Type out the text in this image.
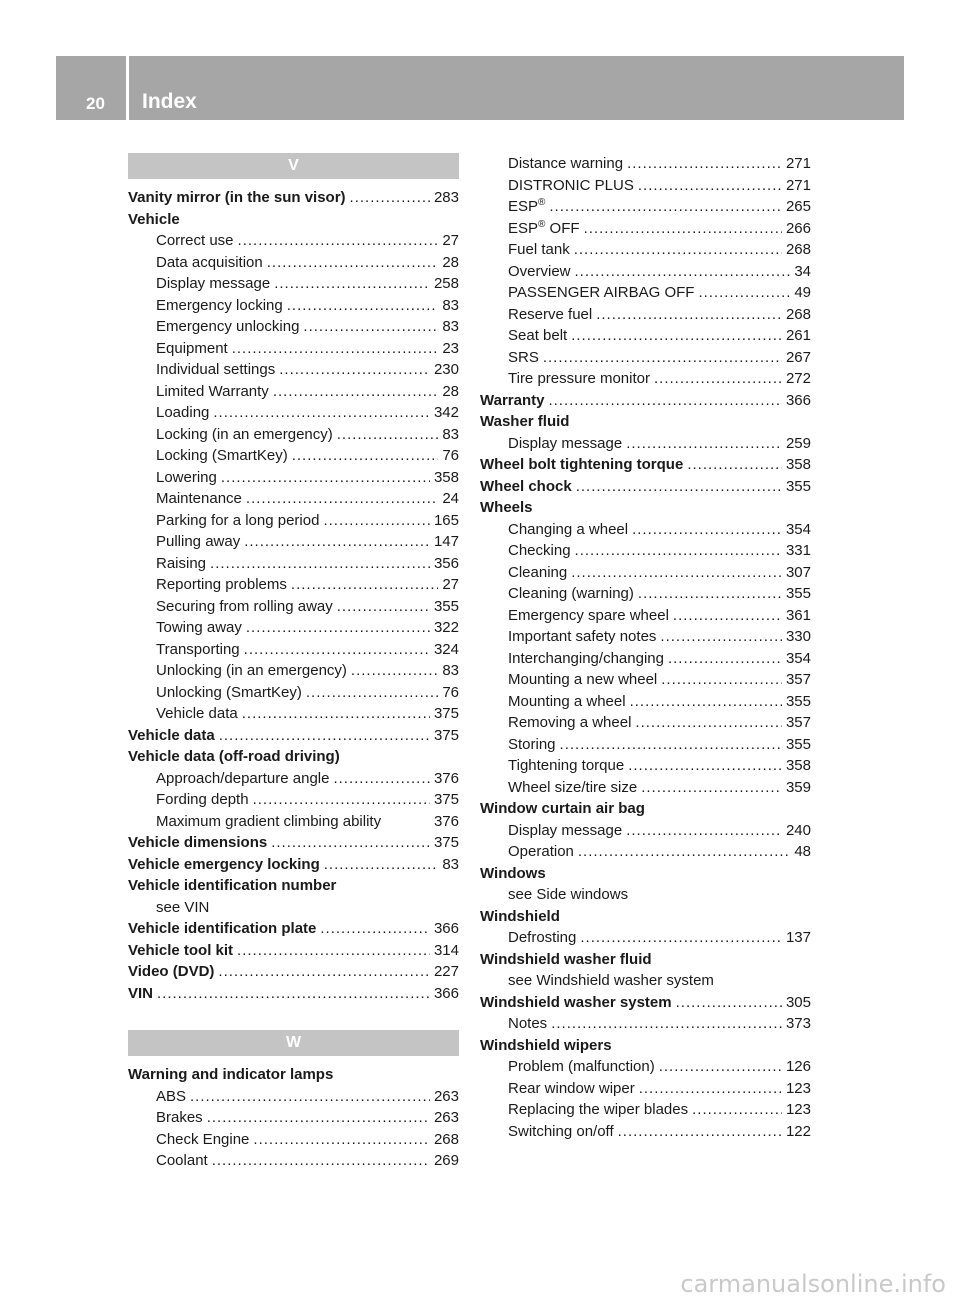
20 Index
V
Vanity mirror (in the sun visor) .....	283
Vehicle
Correct use .....	27
Data acquisition .....	28
Display message .....	258
Emergency locking .....	83
Emergency unlocking .....	83
Equipment .....	23
Individual settings .....	230
Limited Warranty .....	28
Loading .....	342
Locking (in an emergency) .....	83
Locking (SmartKey) .....	76
Lowering .....	358
Maintenance .....	24
Parking for a long period .....	165
Pulling away .....	147
Raising .....	356
Reporting problems .....	27
Securing from rolling away .....	355
Towing away .....	322
Transporting .....	324
Unlocking (in an emergency) .....	83
Unlocking (SmartKey) .....	76
Vehicle data .....	375
Vehicle data .....	375
Vehicle data (off-road driving)
Approach/departure angle .....	376
Fording depth .....	375
Maximum gradient climbing ability	376
Vehicle dimensions .....	375
Vehicle emergency locking .....	83
Vehicle identification number
see VIN
Vehicle identification plate .....	366
Vehicle tool kit .....	314
Video (DVD) .....	227
VIN .....	366
W
Warning and indicator lamps
ABS .....	263
Brakes .....	263
Check Engine .....	268
Coolant .....	269
Distance warning .....	271
DISTRONIC PLUS .....	271
ESP ® .....	265
ESP ® OFF .....	266
Fuel tank .....	268
Overview .....	34
PASSENGER AIRBAG OFF .....	49
Reserve fuel .....	268
Seat belt .....	261
SRS .....	267
Tire pressure monitor .....	272
Warranty .....	366
Washer fluid
Display message .....	259
Wheel bolt tightening torque .....	358
Wheel chock .....	355
Wheels
Changing a wheel .....	354
Checking .....	331
Cleaning .....	307
Cleaning (warning) .....	355
Emergency spare wheel .....	361
Important safety notes .....	330
Interchanging/changing .....	354
Mounting a new wheel .....	357
Mounting a wheel .....	355
Removing a wheel .....	357
Storing .....	355
Tightening torque .....	358
Wheel size/tire size .....	359
Window curtain air bag
Display message .....	240
Operation .....	48
Windows
see Side windows
Windshield
Defrosting .....	137
Windshield washer fluid
see Windshield washer system
Windshield washer system .....	305
Notes .....	373
Windshield wipers
Problem (malfunction) .....	126
Rear window wiper .....	123
Replacing the wiper blades .....	123
Switching on/off .....	122
carmanualsonline.info
